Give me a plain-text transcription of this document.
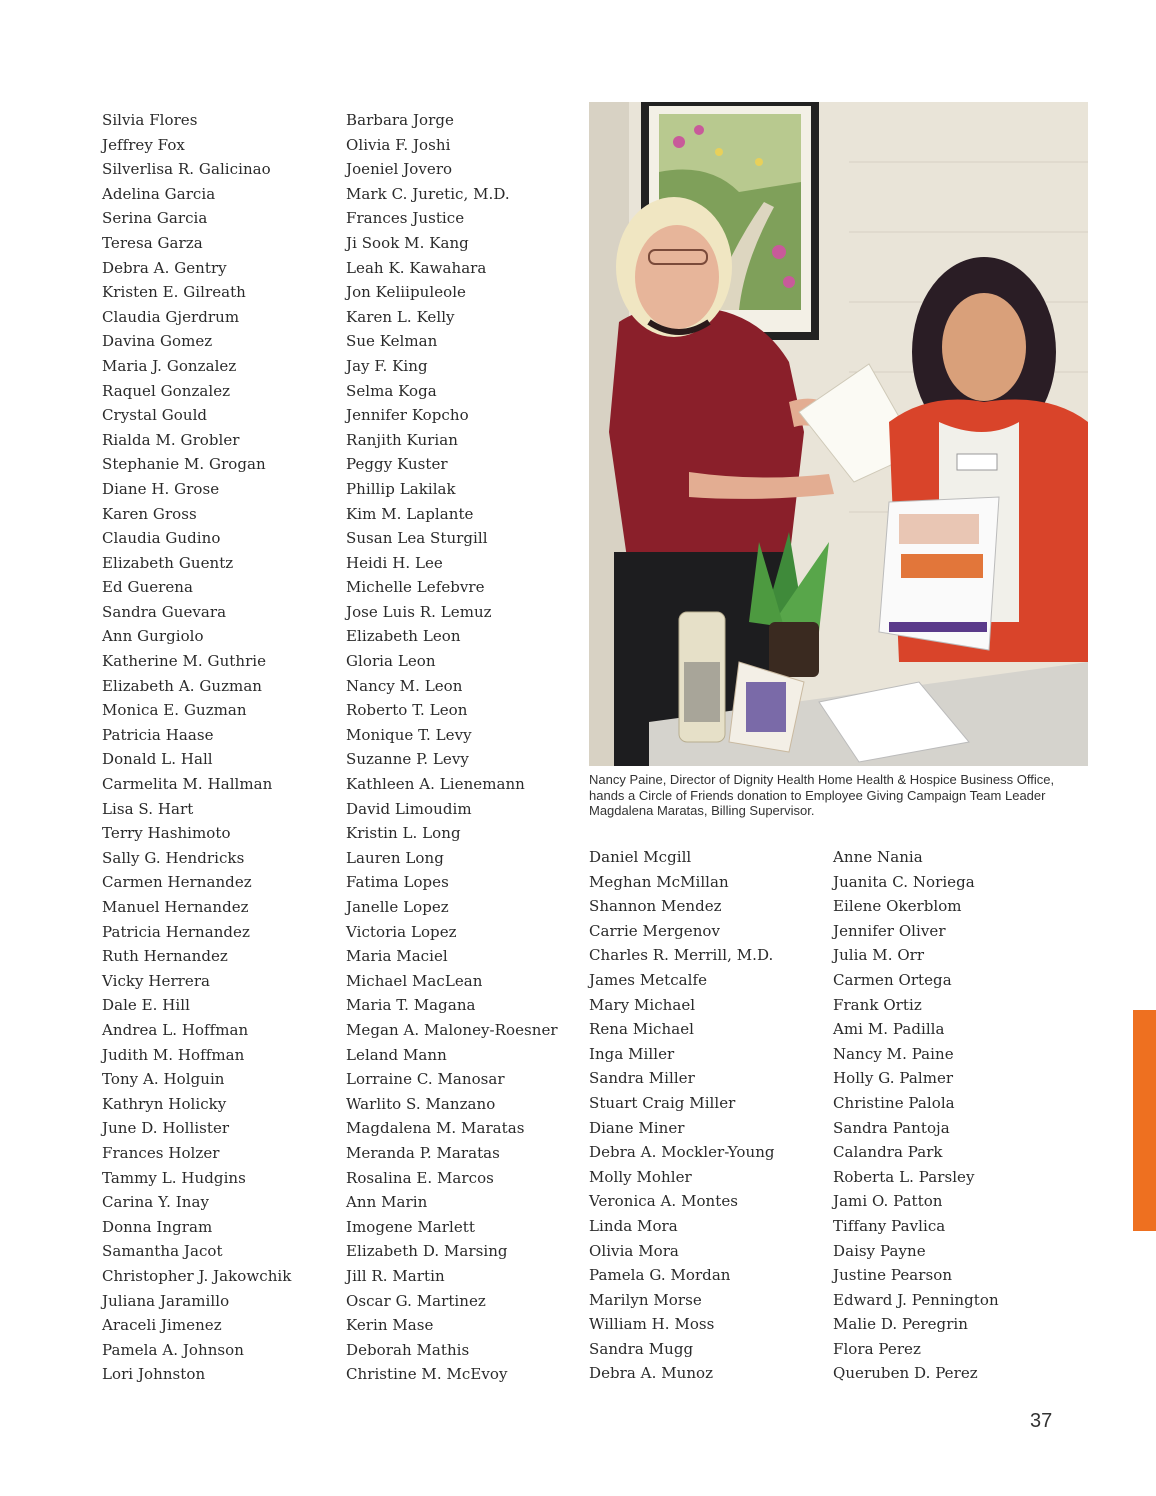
Silvia Flores
Jeffrey Fox
Silverlisa R. Galicinao
Adelina Garcia
Serina Garcia
Teresa Garza
Debra A. Gentry
Kristen E. Gilreath
Claudia Gjerdrum
Davina Gomez
Maria J. Gonzalez
Raquel Gonzalez
Crystal Gould
Rialda M. Grobler
Stephanie M. Grogan
Diane H. Grose
Karen Gross
Claudia Gudino
Elizabeth Guentz
Ed Guerena
Sandra Guevara
Ann Gurgiolo
Katherine M. Guthrie
Elizabeth A. Guzman
Monica E. Guzman
Patricia Haase
Donald L. Hall
Carmelita M. Hallman
Lisa S. Hart
Terry Hashimoto
Sally G. Hendricks
Carmen Hernandez
Manuel Hernandez
Patricia Hernandez
Ruth Hernandez
Vicky Herrera
Dale E. Hill
Andrea L. Hoffman
Judith M. Hoffman
Tony A. Holguin
Kathryn Holicky
June D. Hollister
Frances Holzer
Tammy L. Hudgins
Carina Y. Inay
Donna Ingram
Samantha Jacot
Christopher J. Jakowchik
Juliana Jaramillo
Araceli Jimenez
Pamela A. Johnson
Lori Johnston
Barbara Jorge
Olivia F. Joshi
Joeniel Jovero
Mark C. Juretic, M.D.
Frances Justice
Ji Sook M. Kang
Leah K. Kawahara
Jon Keliipuleole
Karen L. Kelly
Sue Kelman
Jay F. King
Selma Koga
Jennifer Kopcho
Ranjith Kurian
Peggy Kuster
Phillip Lakilak
Kim M. Laplante
Susan Lea Sturgill
Heidi H. Lee
Michelle Lefebvre
Jose Luis R. Lemuz
Elizabeth Leon
Gloria Leon
Nancy M. Leon
Roberto T. Leon
Monique T. Levy
Suzanne P. Levy
Kathleen A. Lienemann
David Limoudim
Kristin L. Long
Lauren Long
Fatima Lopes
Janelle Lopez
Victoria Lopez
Maria Maciel
Michael MacLean
Maria T. Magana
Megan A. Maloney-Roesner
Leland Mann
Lorraine C. Manosar
Warlito S. Manzano
Magdalena M. Maratas
Meranda P. Maratas
Rosalina E. Marcos
Ann Marin
Imogene Marlett
Elizabeth D. Marsing
Jill R. Martin
Oscar G. Martinez
Kerin Mase
Deborah Mathis
Christine M. McEvoy
Nancy Paine, Director of Dignity Health Home Health & Hospice Business Office, hands a Circle of Friends donation to Employee Giving Campaign Team Leader Magdalena Maratas, Billing Supervisor.
Daniel Mcgill
Meghan McMillan
Shannon Mendez
Carrie Mergenov
Charles R. Merrill, M.D.
James Metcalfe
Mary Michael
Rena Michael
Inga Miller
Sandra Miller
Stuart Craig Miller
Diane Miner
Debra A. Mockler-Young
Molly Mohler
Veronica A. Montes
Linda Mora
Olivia Mora
Pamela G. Mordan
Marilyn Morse
William H. Moss
Sandra Mugg
Debra A. Munoz
Anne Nania
Juanita C. Noriega
Eilene Okerblom
Jennifer Oliver
Julia M. Orr
Carmen Ortega
Frank Ortiz
Ami M. Padilla
Nancy M. Paine
Holly G. Palmer
Christine Palola
Sandra Pantoja
Calandra Park
Roberta L. Parsley
Jami O. Patton
Tiffany Pavlica
Daisy Payne
Justine Pearson
Edward J. Pennington
Malie D. Peregrin
Flora Perez
Queruben D. Perez
37
